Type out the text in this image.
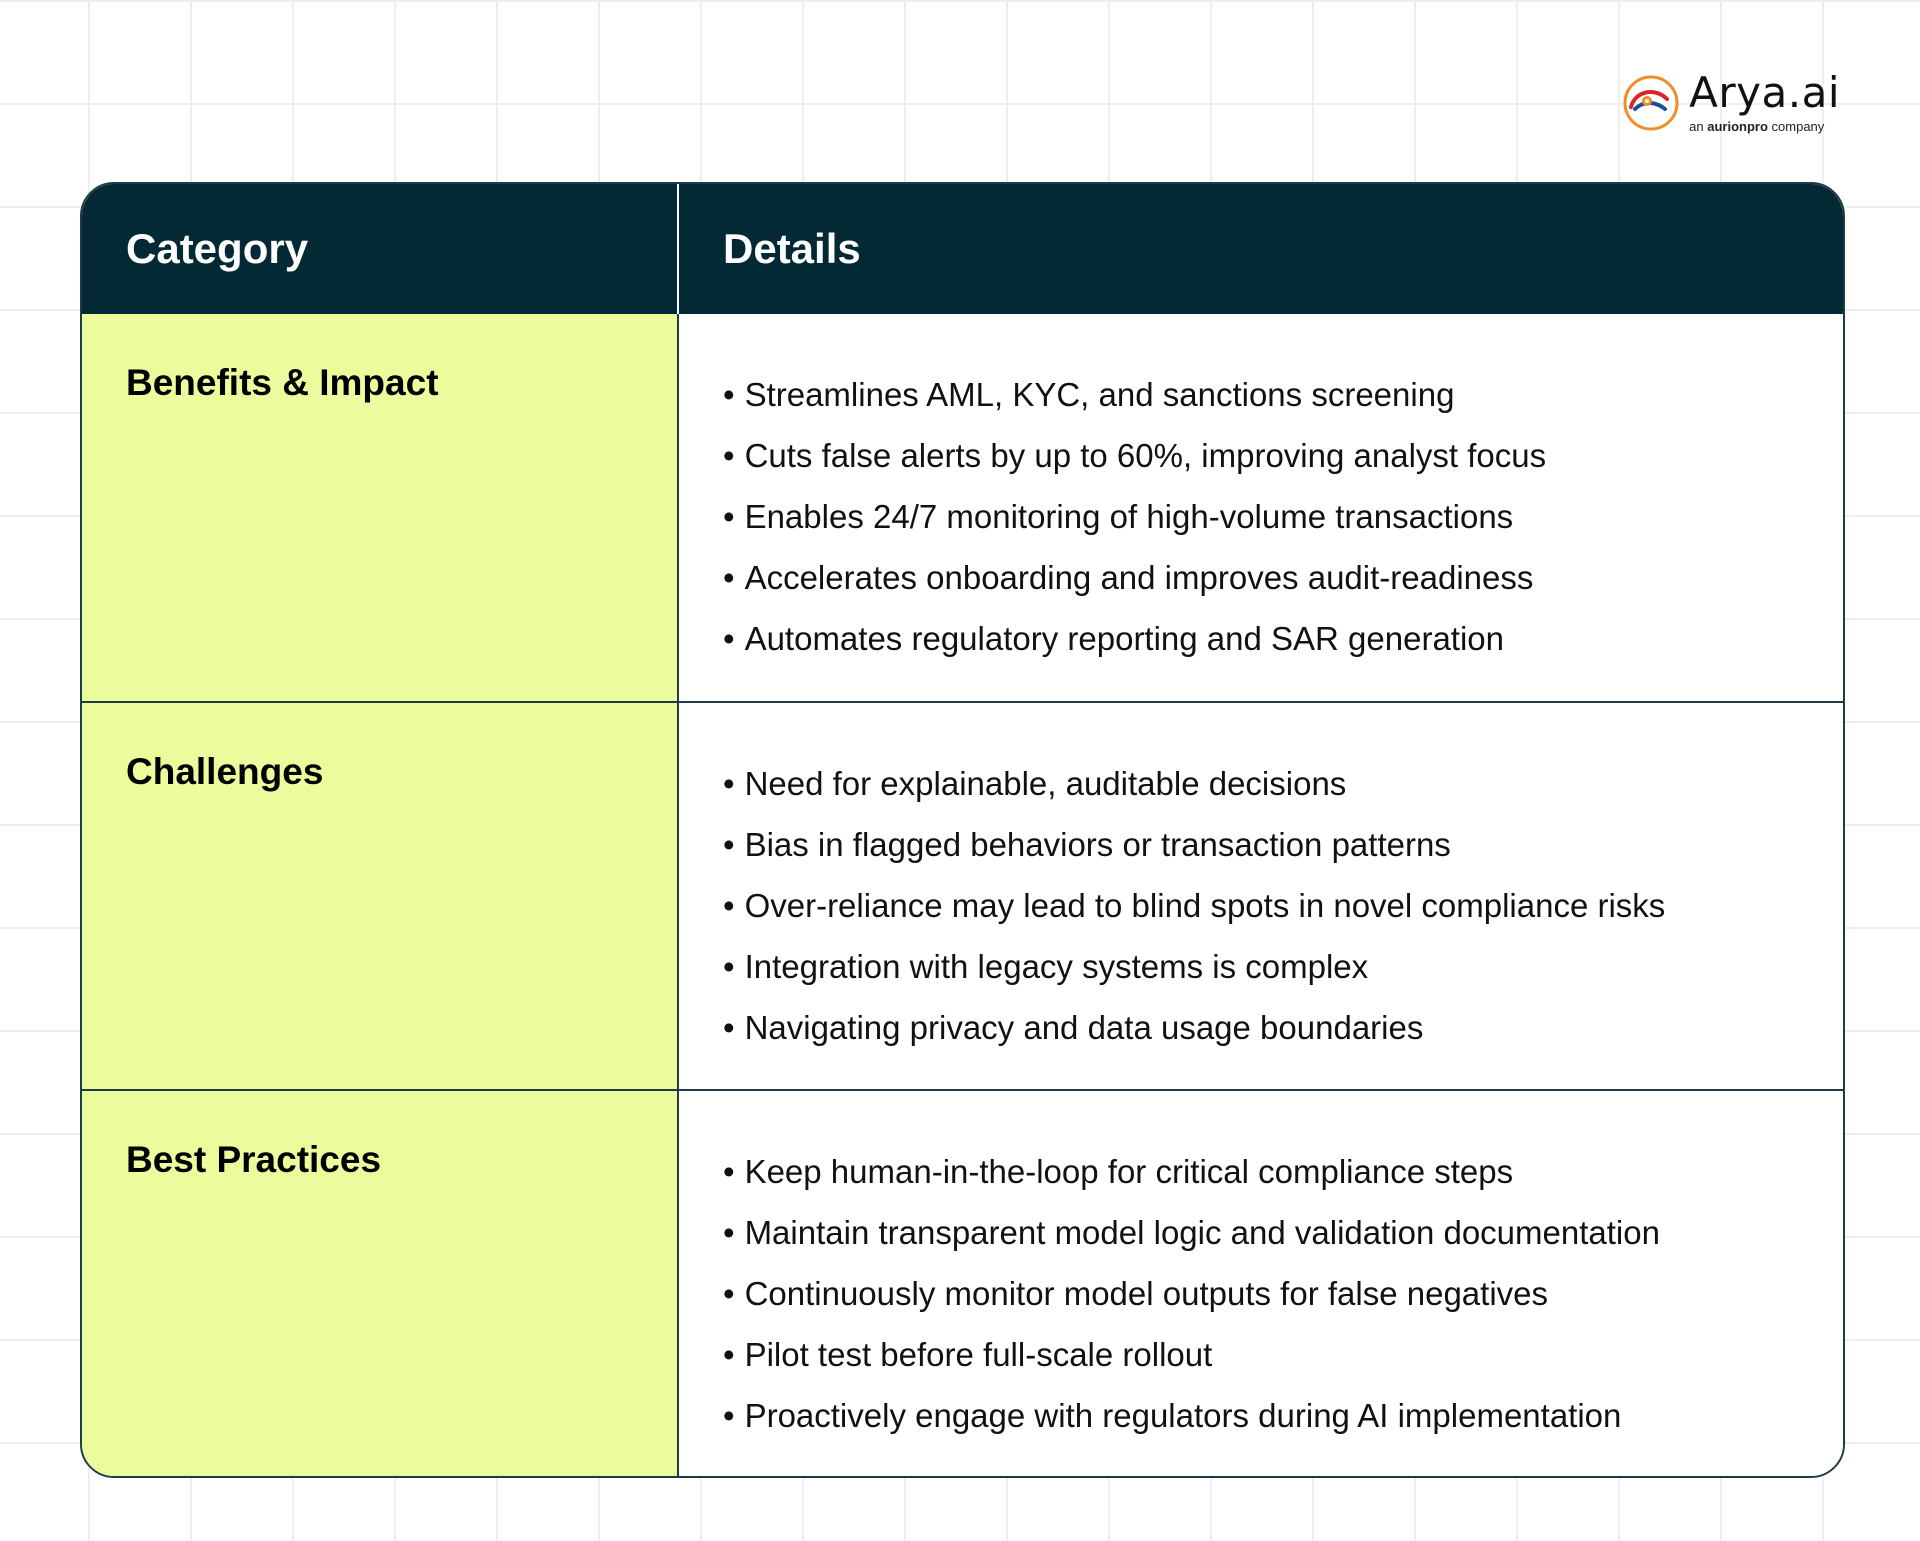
Arya.ai
an aurionpro company
Category	Details
Benefits & Impact	• Streamlines AML, KYC, and sanctions screening
• Cuts false alerts by up to 60%, improving analyst focus
• Enables 24/7 monitoring of high-volume transactions
• Accelerates onboarding and improves audit-readiness
• Automates regulatory reporting and SAR generation
Challenges	• Need for explainable, auditable decisions
• Bias in flagged behaviors or transaction patterns
• Over-reliance may lead to blind spots in novel compliance risks
• Integration with legacy systems is complex
• Navigating privacy and data usage boundaries
Best Practices	• Keep human-in-the-loop for critical compliance steps
• Maintain transparent model logic and validation documentation
• Continuously monitor model outputs for false negatives
• Pilot test before full-scale rollout
• Proactively engage with regulators during AI implementation
